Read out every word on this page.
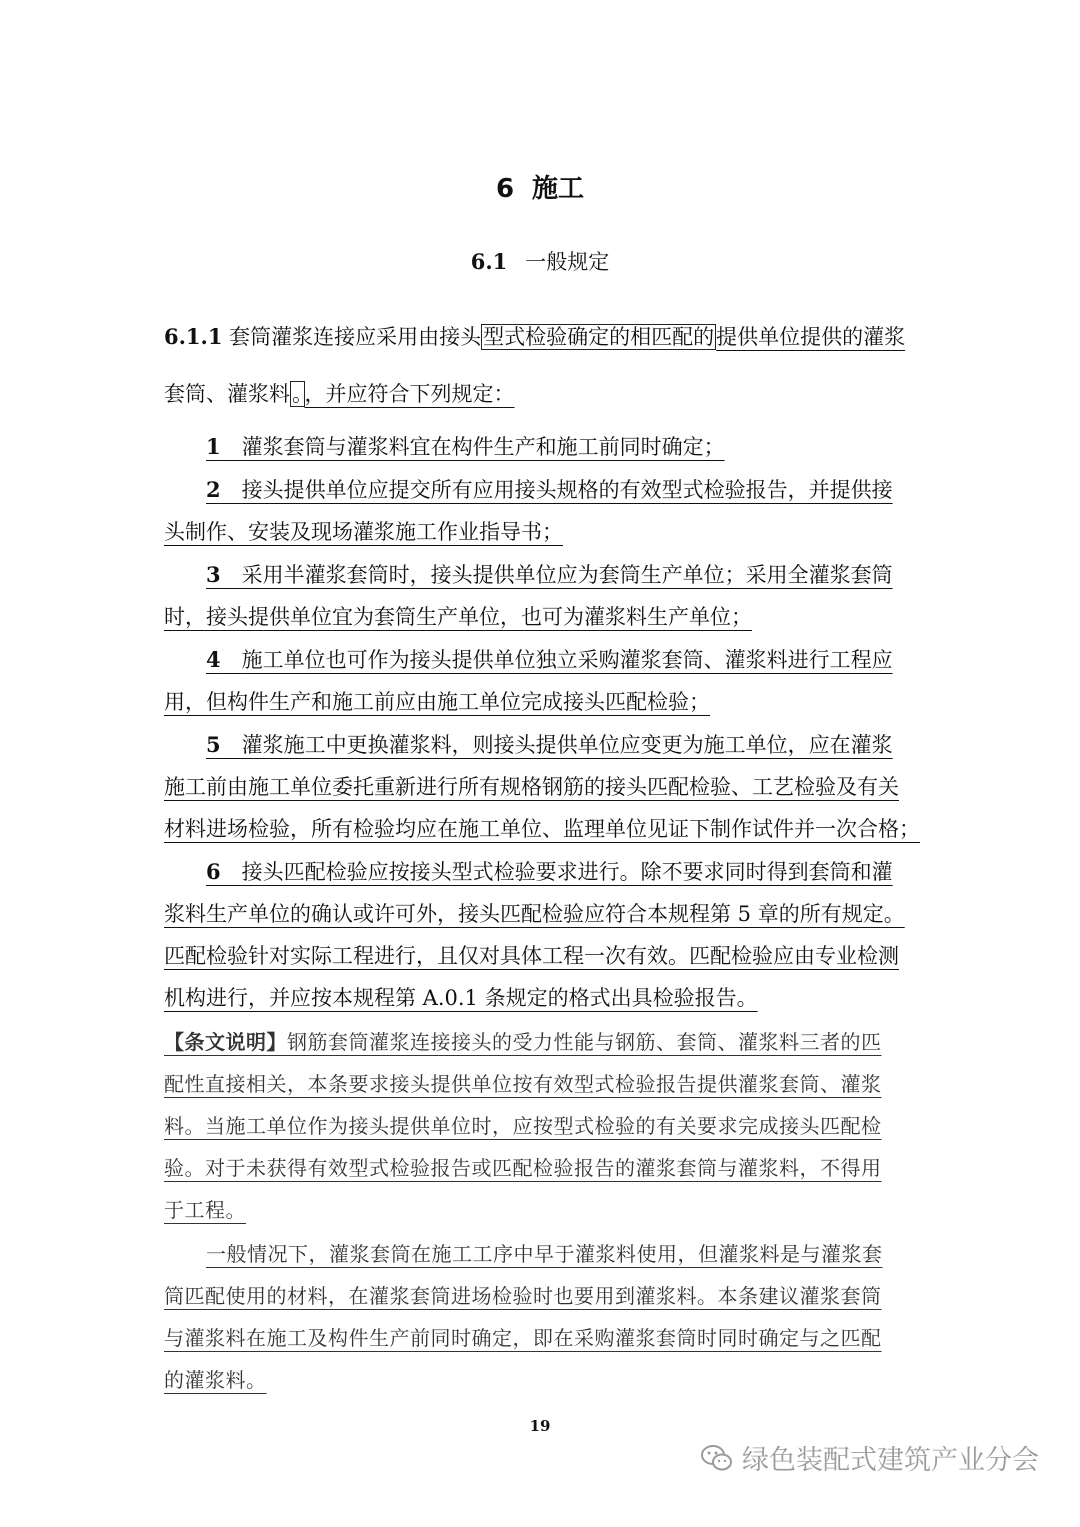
6 施工
6.1 一般规定
6.1.1 套筒灌浆连接应采用由接头型式检验确定的相匹配的提供单位提供的灌浆
套筒、灌浆料。，并应符合下列规定：
1　 灌浆套筒与灌浆料宜在构件生产和施工前同时确定；
2　 接头提供单位应提交所有应用接头规格的有效型式检验报告，并提供接
头制作、安装及现场灌浆施工作业指导书；
3　 采用半灌浆套筒时，接头提供单位应为套筒生产单位；采用全灌浆套筒
时，接头提供单位宜为套筒生产单位，也可为灌浆料生产单位；
4　 施工单位也可作为接头提供单位独立采购灌浆套筒、灌浆料进行工程应
用，但构件生产和施工前应由施工单位完成接头匹配检验；
5　 灌浆施工中更换灌浆料，则接头提供单位应变更为施工单位，应在灌浆
施工前由施工单位委托重新进行所有规格钢筋的接头匹配检验、工艺检验及有关
材料进场检验，所有检验均应在施工单位、监理单位见证下制作试件并一次合格；
6　 接头匹配检验应按接头型式检验要求进行。除不要求同时得到套筒和灌
浆料生产单位的确认或许可外，接头匹配检验应符合本规程第 5 章的所有规定。
匹配检验针对实际工程进行，且仅对具体工程一次有效。匹配检验应由专业检测
机构进行，并应按本规程第 A.0.1 条规定的格式出具检验报告。
【条文说明】钢筋套筒灌浆连接接头的受力性能与钢筋、套筒、灌浆料三者的匹
配性直接相关，本条要求接头提供单位按有效型式检验报告提供灌浆套筒、灌浆
料。当施工单位作为接头提供单位时，应按型式检验的有关要求完成接头匹配检
验。对于未获得有效型式检验报告或匹配检验报告的灌浆套筒与灌浆料，不得用
于工程。
一般情况下，灌浆套筒在施工工序中早于灌浆料使用，但灌浆料是与灌浆套
筒匹配使用的材料，在灌浆套筒进场检验时也要用到灌浆料。本条建议灌浆套筒
与灌浆料在施工及构件生产前同时确定，即在采购灌浆套筒时同时确定与之匹配
的灌浆料。
19
绿色装配式建筑产业分会
